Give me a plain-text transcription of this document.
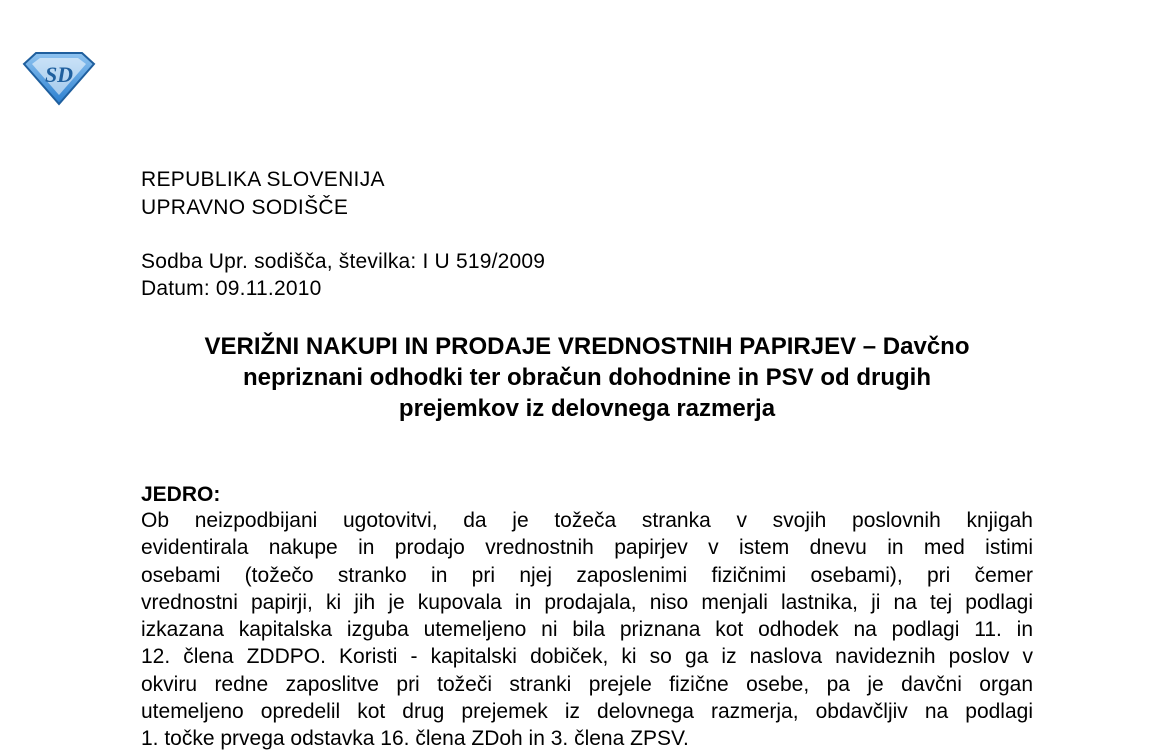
SD
REPUBLIKA SLOVENIJA
UPRAVNO SODIŠČE
Sodba Upr. sodišča, številka: I U 519/2009
Datum: 09.11.2010
VERIŽNI NAKUPI IN PRODAJE VREDNOSTNIH PAPIRJEV – Davčno
nepriznani odhodki ter obračun dohodnine in PSV od drugih
prejemkov iz delovnega razmerja
JEDRO:
Ob neizpodbijani ugotovitvi, da je tožeča stranka v svojih poslovnih knjigah
evidentirala nakupe in prodajo vrednostnih papirjev v istem dnevu in med istimi
osebami (tožečo stranko in pri njej zaposlenimi fizičnimi osebami), pri čemer
vrednostni papirji, ki jih je kupovala in prodajala, niso menjali lastnika, ji na tej podlagi
izkazana kapitalska izguba utemeljeno ni bila priznana kot odhodek na podlagi 11. in
12. člena ZDDPO. Koristi - kapitalski dobiček, ki so ga iz naslova navideznih poslov v
okviru redne zaposlitve pri tožeči stranki prejele fizične osebe, pa je davčni organ
utemeljeno opredelil kot drug prejemek iz delovnega razmerja, obdavčljiv na podlagi
1. točke prvega odstavka 16. člena ZDoh in 3. člena ZPSV.
